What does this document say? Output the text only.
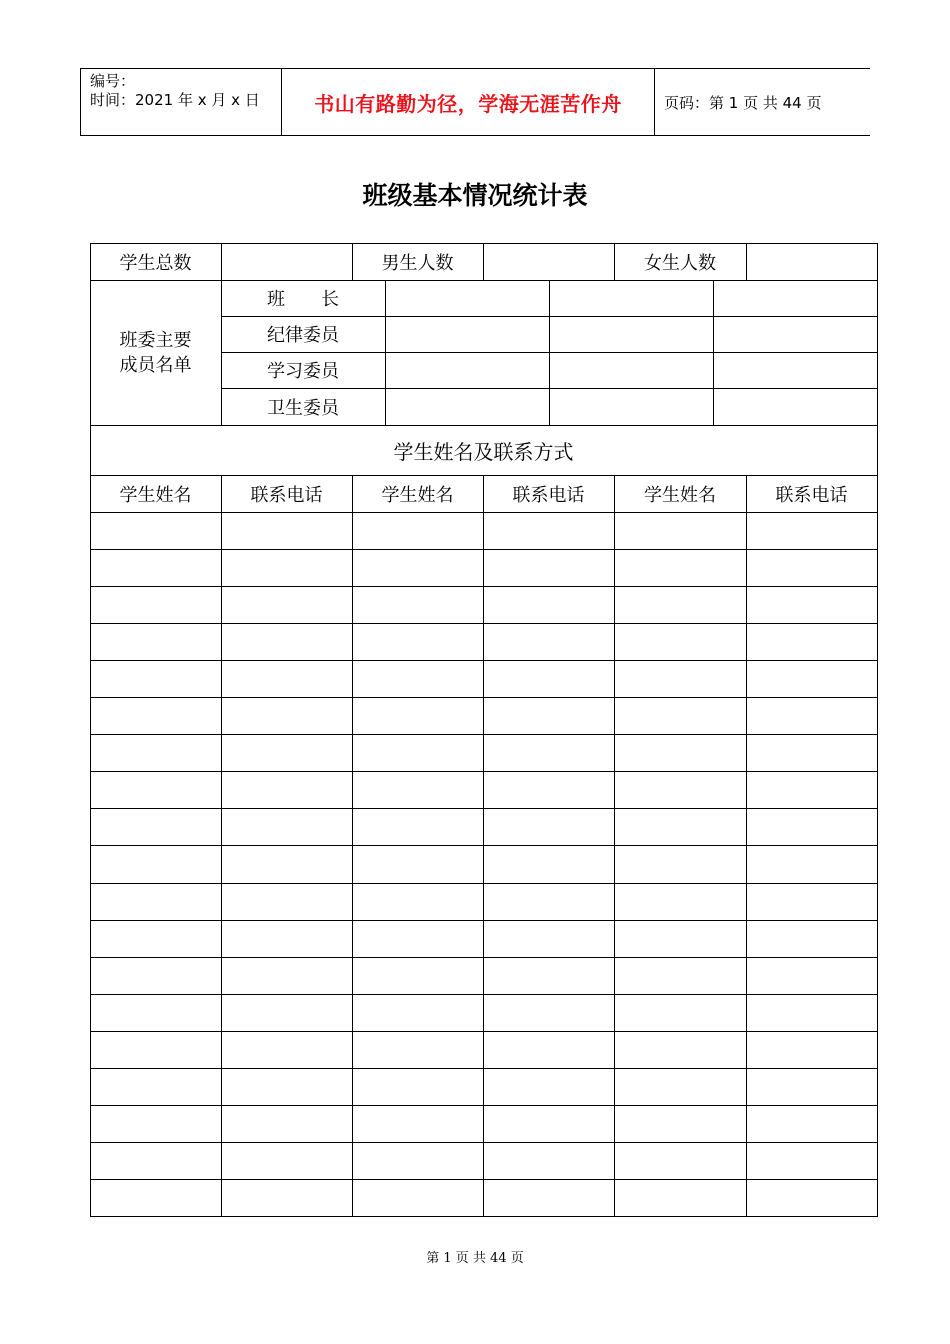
编号：
时间：2021 年 x 月 x 日	书山有路勤为径，学海无涯苦作舟	页码：第 1 页 共 44 页
班级基本情况统计表
学生总数	男生人数	女生人数
班委主要
成员名单
班　　长
纪律委员
学习委员
卫生委员
学生姓名及联系方式
学生姓名	联系电话	学生姓名	联系电话	学生姓名	联系电话
第 1 页 共 44 页
